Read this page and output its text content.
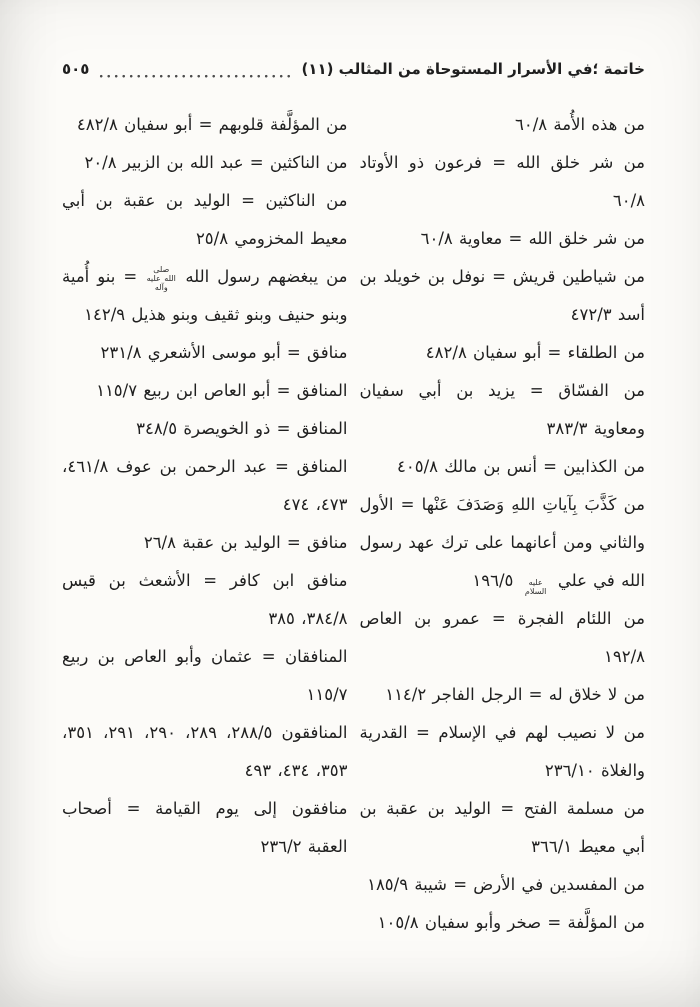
خاتمة ؛في الأسرار المستوحاة من المثالب (١١)
٥٠٥

من هذه الأُمة ٦٠/٨

من شر خلق الله = فرعون ذو الأوتاد ٦٠/٨

من شر خلق الله = معاوية ٦٠/٨

من شياطين قريش = نوفل بن خويلد بن أسد ٤٧٢/٣

من الطلقاء = أبو سفيان ٤٨٢/٨

من الفسّاق = يزيد بن أبي سفيان ومعاوية ٣٨٣/٣

من الكذابين = أنس بن مالك ٤٠٥/٨

من كَذَّبَ بِآياتِ اللهِ وَصَدَفَ عَنْها = الأول والثاني ومن أعانهما على ترك عهد رسول الله في علي عليه السلام ١٩٦/٥

من اللئام الفجرة = عمرو بن العاص ١٩٢/٨

من لا خلاق له = الرجل الفاجر ١١٤/٢

من لا نصيب لهم في الإسلام = القدرية والغلاة ٢٣٦/١٠

من مسلمة الفتح = الوليد بن عقبة بن أبي معيط ٣٦٦/١

من المفسدين في الأرض = شيبة ١٨٥/٩

من المؤلَّفة = صخر وأبو سفيان ١٠٥/٨

من المؤلَّفة قلوبهم = أبو سفيان ٤٨٢/٨

من الناكثين = عبد الله بن الزبير ٢٠/٨

من الناكثين = الوليد بن عقبة بن أبي معيط المخزومي ٢٥/٨

من يبغضهم رسول الله صلى الله عليه وآله = بنو أُمية وبنو حنيف وبنو ثقيف وبنو هذيل ١٤٢/٩

منافق = أبو موسى الأشعري ٢٣١/٨

المنافق = أبو العاص ابن ربيع ١١٥/٧

المنافق = ذو الخويصرة ٣٤٨/٥

المنافق = عبد الرحمن بن عوف ٤٦١/٨، ٤٧٣، ٤٧٤

منافق = الوليد بن عقبة ٢٦/٨

منافق ابن كافر = الأشعث بن قيس ٣٨٤/٨، ٣٨٥

المنافقان = عثمان وأبو العاص بن ربيع ١١٥/٧

المنافقون ٢٨٨/٥، ٢٨٩، ٢٩٠، ٢٩١، ٣٥١، ٣٥٣، ٤٣٤، ٤٩٣

منافقون إلى يوم القيامة = أصحاب العقبة ٢٣٦/٢
